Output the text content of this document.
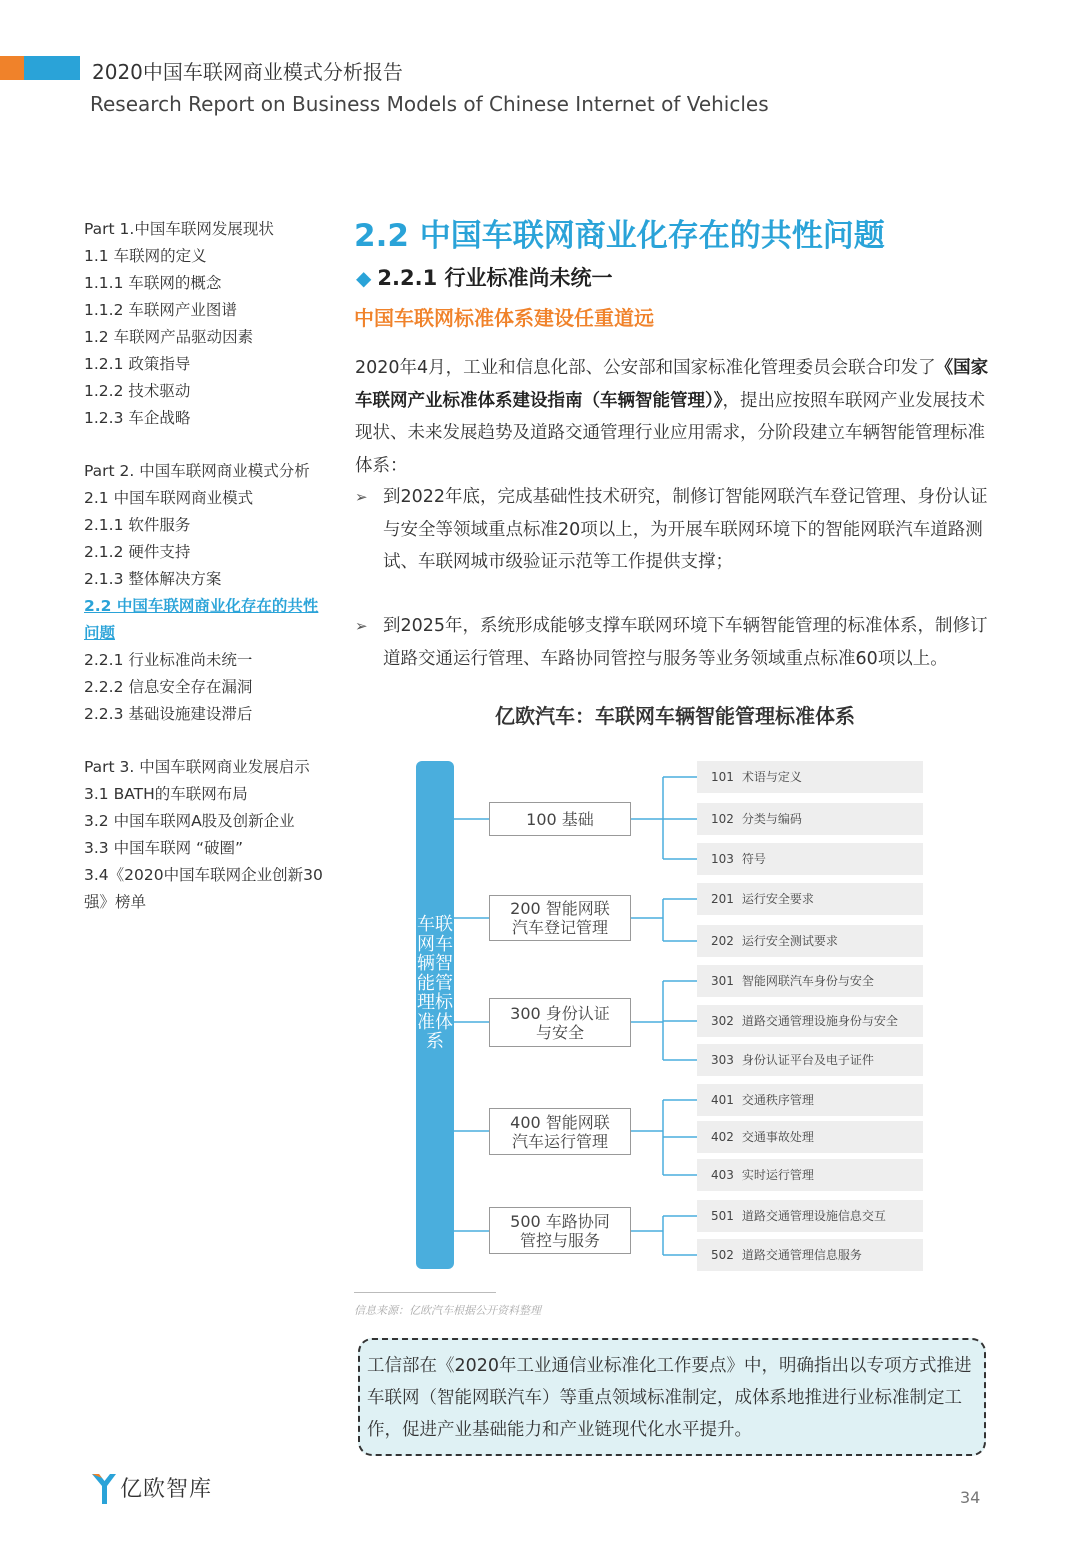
2020中国车联网商业模式分析报告
Research Report on Business Models of Chinese Internet of Vehicles
Part 1.中国车联网发展现状
1.1 车联网的定义
1.1.1 车联网的概念
1.1.2 车联网产业图谱
1.2 车联网产品驱动因素
1.2.1 政策指导
1.2.2 技术驱动
1.2.3 车企战略
Part 2. 中国车联网商业模式分析
2.1 中国车联网商业模式
2.1.1 软件服务
2.1.2 硬件支持
2.1.3 整体解决方案
2.2 中国车联网商业化存在的共性问题
2.2.1 行业标准尚未统一
2.2.2 信息安全存在漏洞
2.2.3 基础设施建设滞后
Part 3. 中国车联网商业发展启示
3.1 BATH的车联网布局
3.2 中国车联网A股及创新企业
3.3 中国车联网 “破圈”
3.4《2020中国车联网企业创新30强》榜单
2.2 中国车联网商业化存在的共性问题
◆ 2.2.1 行业标准尚未统一
中国车联网标准体系建设任重道远
2020年4月，工业和信息化部、公安部和国家标准化管理委员会联合印发了《国家车联网产业标准体系建设指南（车辆智能管理）》，提出应按照车联网产业发展技术现状、未来发展趋势及道路交通管理行业应用需求，分阶段建立车辆智能管理标准体系：
➢ 到2022年底，完成基础性技术研究，制修订智能网联汽车登记管理、身份认证与安全等领域重点标准20项以上，为开展车联网环境下的智能网联汽车道路测试、车联网城市级验证示范等工作提供支撑；
➢ 到2025年，系统形成能够支撑车联网环境下车辆智能管理的标准体系，制修订道路交通运行管理、车路协同管控与服务等业务领域重点标准60项以上。
亿欧汽车：车联网车辆智能管理标准体系
车联网车辆智能管理标准体系
100 基础
200 智能网联
汽车登记管理
300 身份认证
与安全
400 智能网联
汽车运行管理
500 车路协同
管控与服务
101 术语与定义
102 分类与编码
103 符号
201 运行安全要求
202 运行安全测试要求
301 智能网联汽车身份与安全
302 道路交通管理设施身份与安全
303 身份认证平台及电子证件
401 交通秩序管理
402 交通事故处理
403 实时运行管理
501 道路交通管理设施信息交互
502 道路交通管理信息服务
信息来源：亿欧汽车根据公开资料整理
工信部在《2020年工业通信业标准化工作要点》中，明确指出以专项方式推进车联网（智能网联汽车）等重点领域标准制定，成体系地推进行业标准制定工作，促进产业基础能力和产业链现代化水平提升。
亿欧智库	34
